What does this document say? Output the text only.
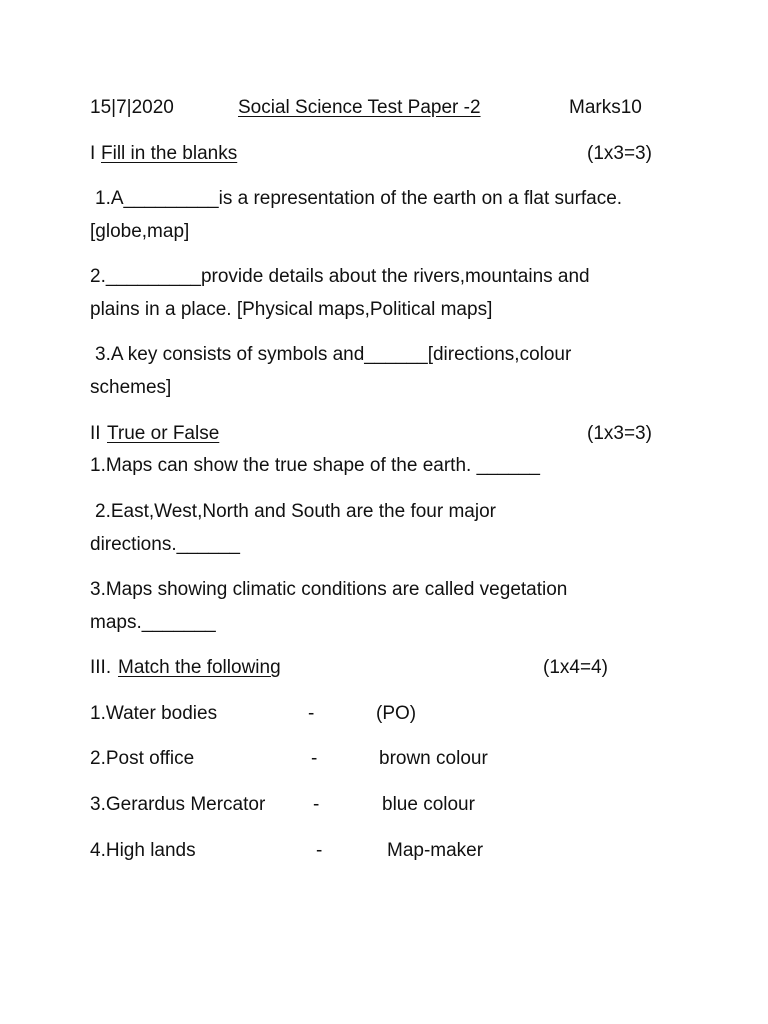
15|7|2020	Social Science Test Paper -2	Marks10
I Fill in the blanks	(1x3=3)
1.A_________is a representation of the earth on a flat surface.
[globe,map]
2._________provide details about the rivers,mountains and
plains in a place. [Physical maps,Political maps]
3.A key consists of symbols and______[directions,colour
schemes]
II True or False	(1x3=3)
1.Maps can show the true shape of the earth. ______
2.East,West,North and South are the four major
directions.______
3.Maps showing climatic conditions are called vegetation
maps._______
III. Match the following	(1x4=4)
1.Water bodies	-	(PO)
2.Post office	-	brown colour
3.Gerardus Mercator	-	blue colour
4.High lands	-	Map-maker
